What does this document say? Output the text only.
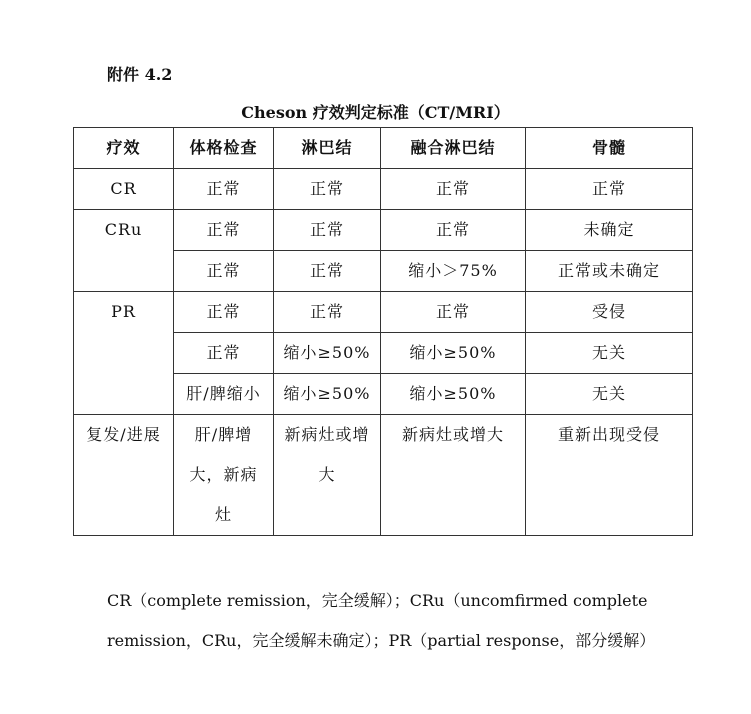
附件 4.2
Cheson 疗效判定标准（CT/MRI）
疗效	体格检查	淋巴结	融合淋巴结	骨髓
CR	正常	正常	正常	正常
CRu	正常	正常	正常	未确定
	正常	正常	缩小＞75%	正常或未确定
PR	正常	正常	正常	受侵
	正常	缩小≥50%	缩小≥50%	无关
	肝/脾缩小	缩小≥50%	缩小≥50%	无关
复发/进展	肝/脾增大，新病灶	新病灶或增大	新病灶或增大	重新出现受侵
CR（complete remission，完全缓解）；CRu（uncomfirmed complete remission，CRu，完全缓解未确定）；PR（partial response，部分缓解）
